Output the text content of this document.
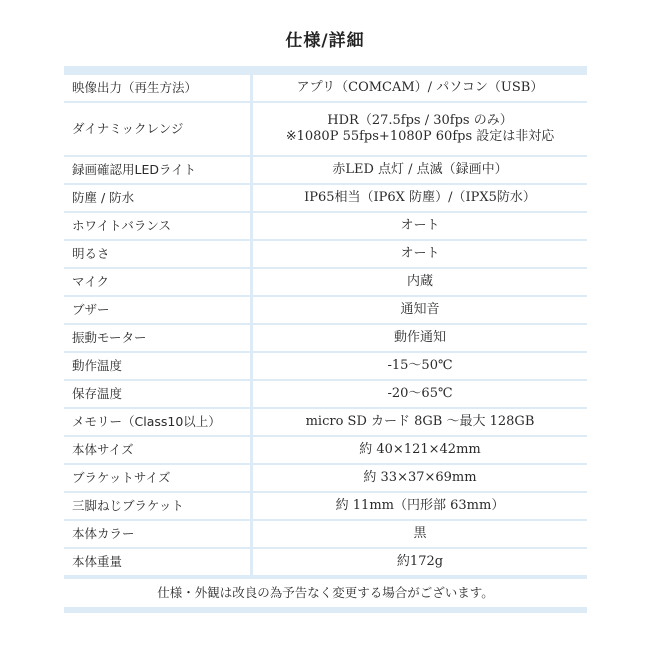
仕様/詳細
映像出力（再生方法）	アプリ（COMCAM）/ パソコン（USB）
ダイナミックレンジ	HDR（27.5fps / 30fps のみ）
※1080P 55fps+1080P 60fps 設定は非対応

録画確認用LEDライト	赤LED 点灯 / 点滅（録画中）
防塵 / 防水	IP65相当（IP6X 防塵）/（IPX5防水）
ホワイトバランス	オート
明るさ	オート
マイク	内蔵
ブザー	通知音
振動モーター	動作通知
動作温度	-15〜50℃
保存温度	-20〜65℃
メモリー（Class10以上）	micro SD カード 8GB 〜最大 128GB
本体サイズ	約 40×121×42mm
ブラケットサイズ	約 33×37×69mm
三脚ねじブラケット	約 11mm（円形部 63mm）
本体カラー	黒
本体重量	約172g
仕様・外観は改良の為予告なく変更する場合がございます。
